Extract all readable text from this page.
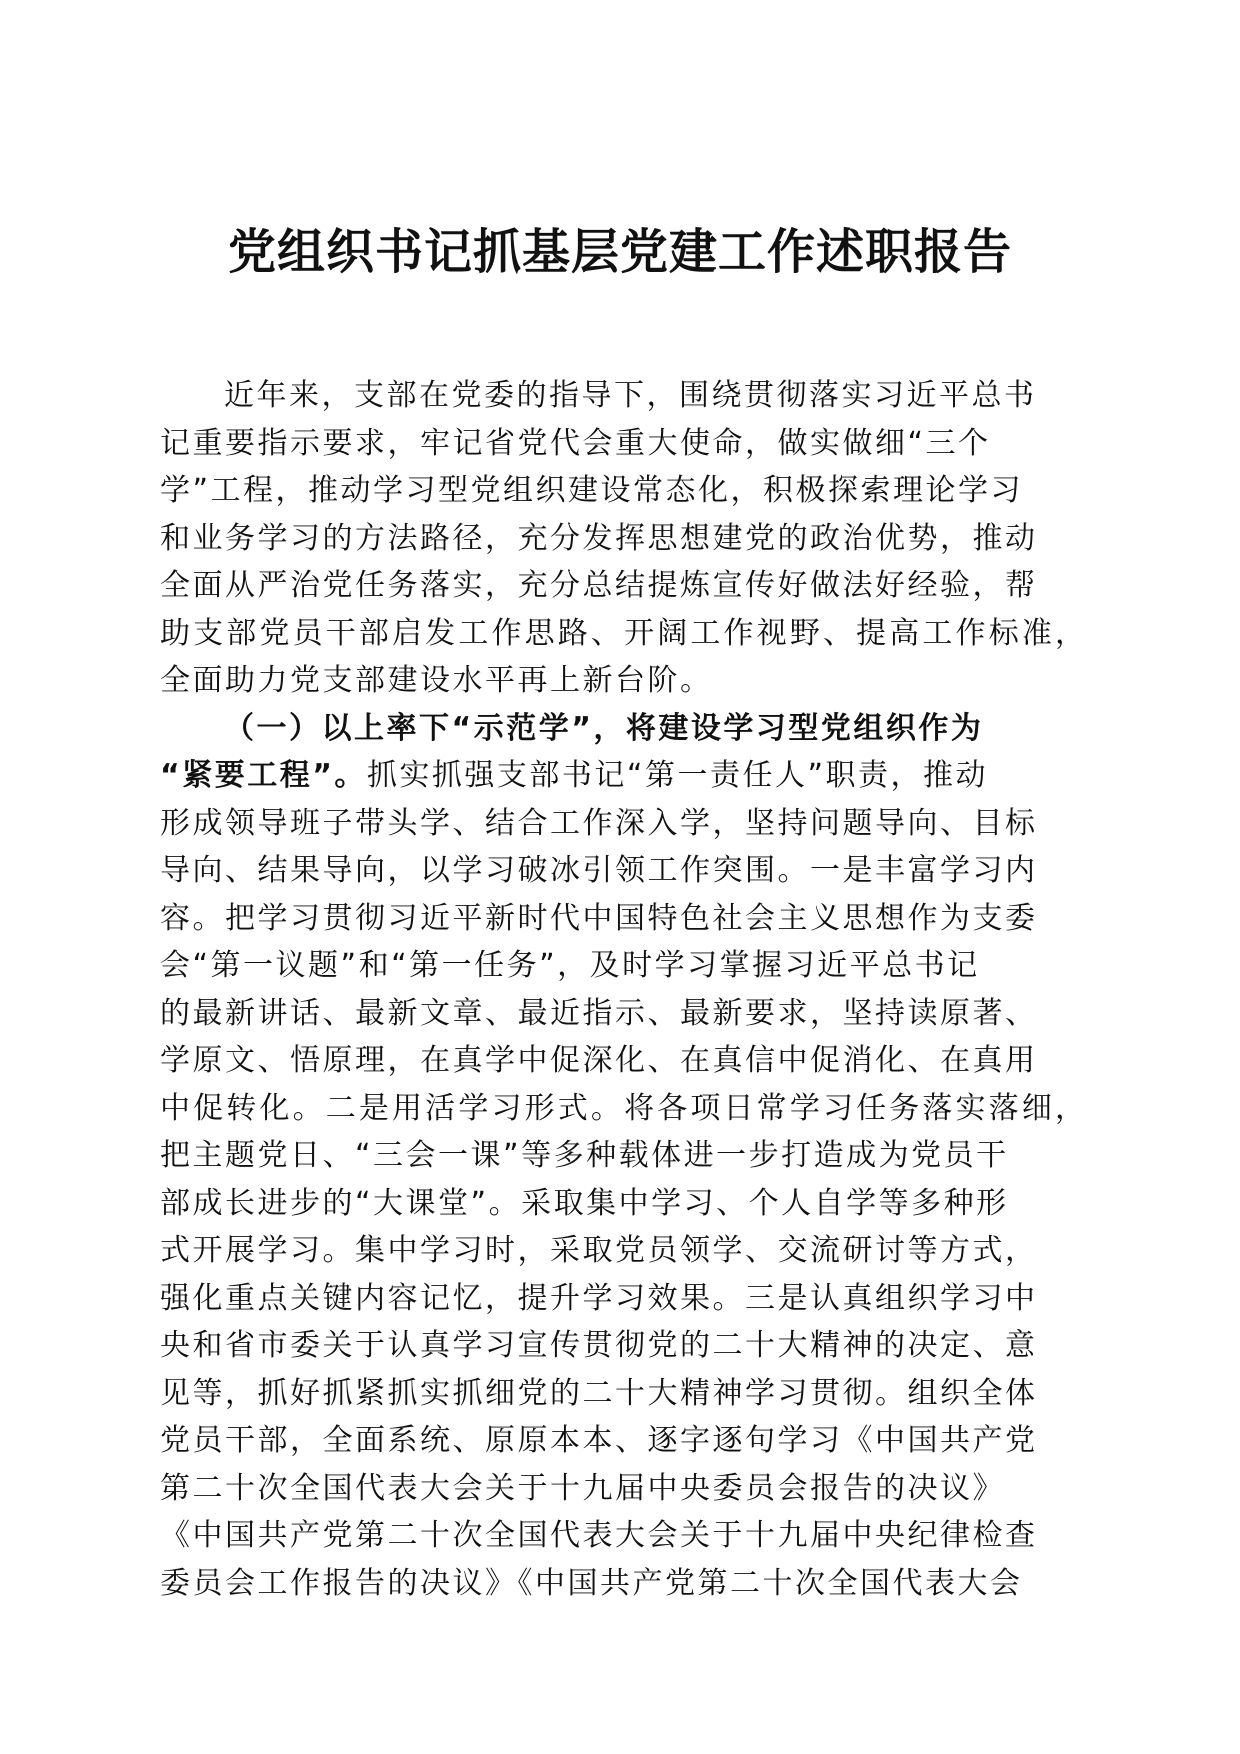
党组织书记抓基层党建工作述职报告
近年来，支部在党委的指导下，围绕贯彻落实习近平总书
记重要指示要求，牢记省党代会重大使命，做实做细“三个
学”工程，推动学习型党组织建设常态化，积极探索理论学习
和业务学习的方法路径，充分发挥思想建党的政治优势，推动
全面从严治党任务落实，充分总结提炼宣传好做法好经验，帮
助支部党员干部启发工作思路、开阔工作视野、提高工作标准，
全面助力党支部建设水平再上新台阶。
（一）以上率下“示范学”，将建设学习型党组织作为
“紧要工程”。抓实抓强支部书记“第一责任人”职责，推动
形成领导班子带头学、结合工作深入学，坚持问题导向、目标
导向、结果导向，以学习破冰引领工作突围。一是丰富学习内
容。把学习贯彻习近平新时代中国特色社会主义思想作为支委
会“第一议题”和“第一任务”，及时学习掌握习近平总书记
的最新讲话、最新文章、最近指示、最新要求，坚持读原著、
学原文、悟原理，在真学中促深化、在真信中促消化、在真用
中促转化。二是用活学习形式。将各项日常学习任务落实落细，
把主题党日、“三会一课”等多种载体进一步打造成为党员干
部成长进步的“大课堂”。采取集中学习、个人自学等多种形
式开展学习。集中学习时，采取党员领学、交流研讨等方式，
强化重点关键内容记忆，提升学习效果。三是认真组织学习中
央和省市委关于认真学习宣传贯彻党的二十大精神的决定、意
见等，抓好抓紧抓实抓细党的二十大精神学习贯彻。组织全体
党员干部，全面系统、原原本本、逐字逐句学习《中国共产党
第二十次全国代表大会关于十九届中央委员会报告的决议》
《中国共产党第二十次全国代表大会关于十九届中央纪律检查
委员会工作报告的决议》《中国共产党第二十次全国代表大会
